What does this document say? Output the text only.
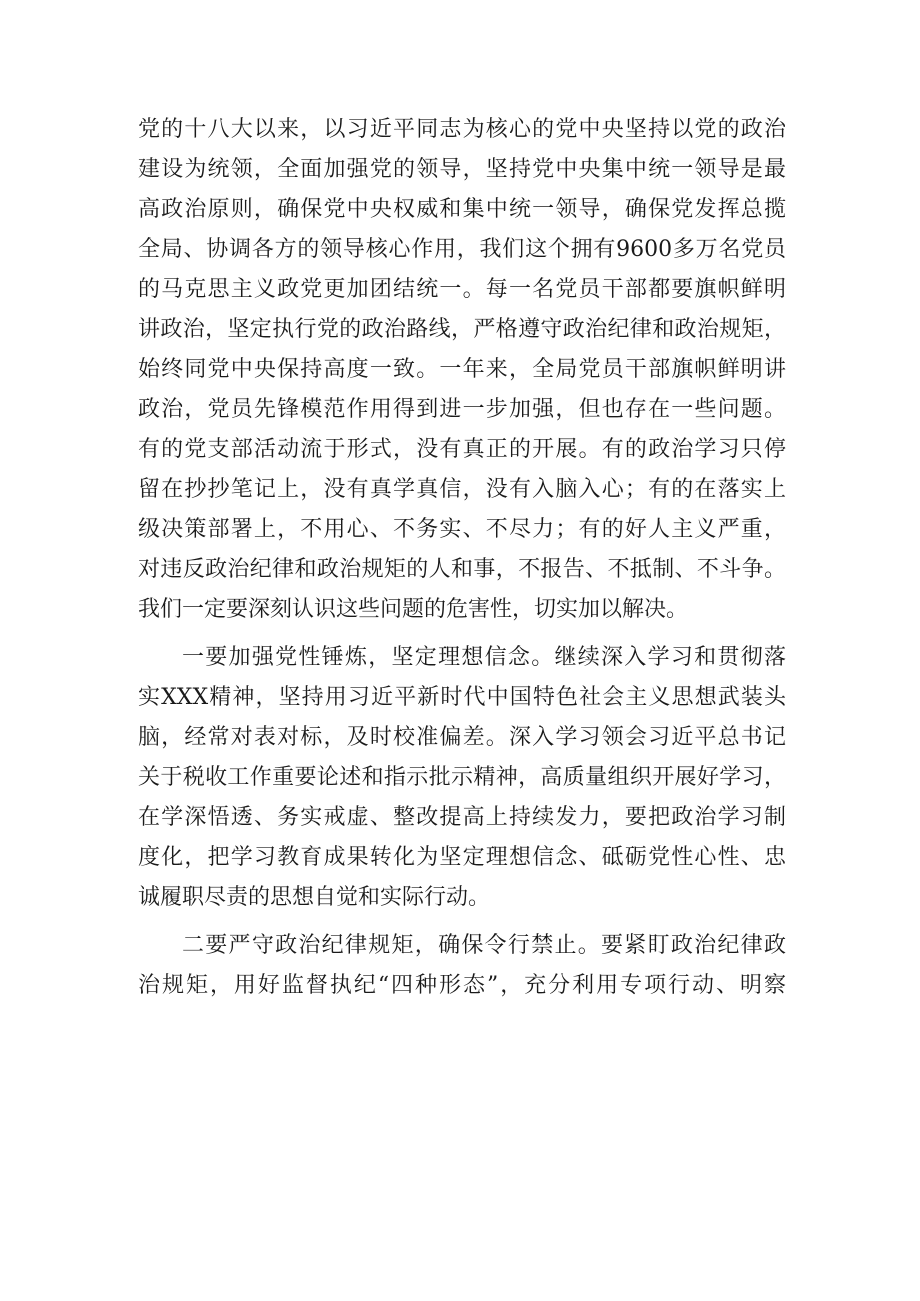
党的十八大以来，以习近平同志为核心的党中央坚持以党的政治
建设为统领，全面加强党的领导，坚持党中央集中统一领导是最
高政治原则，确保党中央权威和集中统一领导，确保党发挥总揽
全局、协调各方的领导核心作用，我们这个拥有9600多万名党员
的马克思主义政党更加团结统一。每一名党员干部都要旗帜鲜明
讲政治，坚定执行党的政治路线，严格遵守政治纪律和政治规矩，
始终同党中央保持高度一致。一年来，全局党员干部旗帜鲜明讲
政治，党员先锋模范作用得到进一步加强，但也存在一些问题。
有的党支部活动流于形式，没有真正的开展。有的政治学习只停
留在抄抄笔记上，没有真学真信，没有入脑入心；有的在落实上
级决策部署上，不用心、不务实、不尽力；有的好人主义严重，
对违反政治纪律和政治规矩的人和事，不报告、不抵制、不斗争。
我们一定要深刻认识这些问题的危害性，切实加以解决。
一要加强党性锤炼，坚定理想信念。继续深入学习和贯彻落
实XXX精神，坚持用习近平新时代中国特色社会主义思想武装头
脑，经常对表对标，及时校准偏差。深入学习领会习近平总书记
关于税收工作重要论述和指示批示精神，高质量组织开展好学习，
在学深悟透、务实戒虚、整改提高上持续发力，要把政治学习制
度化，把学习教育成果转化为坚定理想信念、砥砺党性心性、忠
诚履职尽责的思想自觉和实际行动。
二要严守政治纪律规矩，确保令行禁止。要紧盯政治纪律政
治规矩，用好监督执纪“四种形态”，充分利用专项行动、明察
